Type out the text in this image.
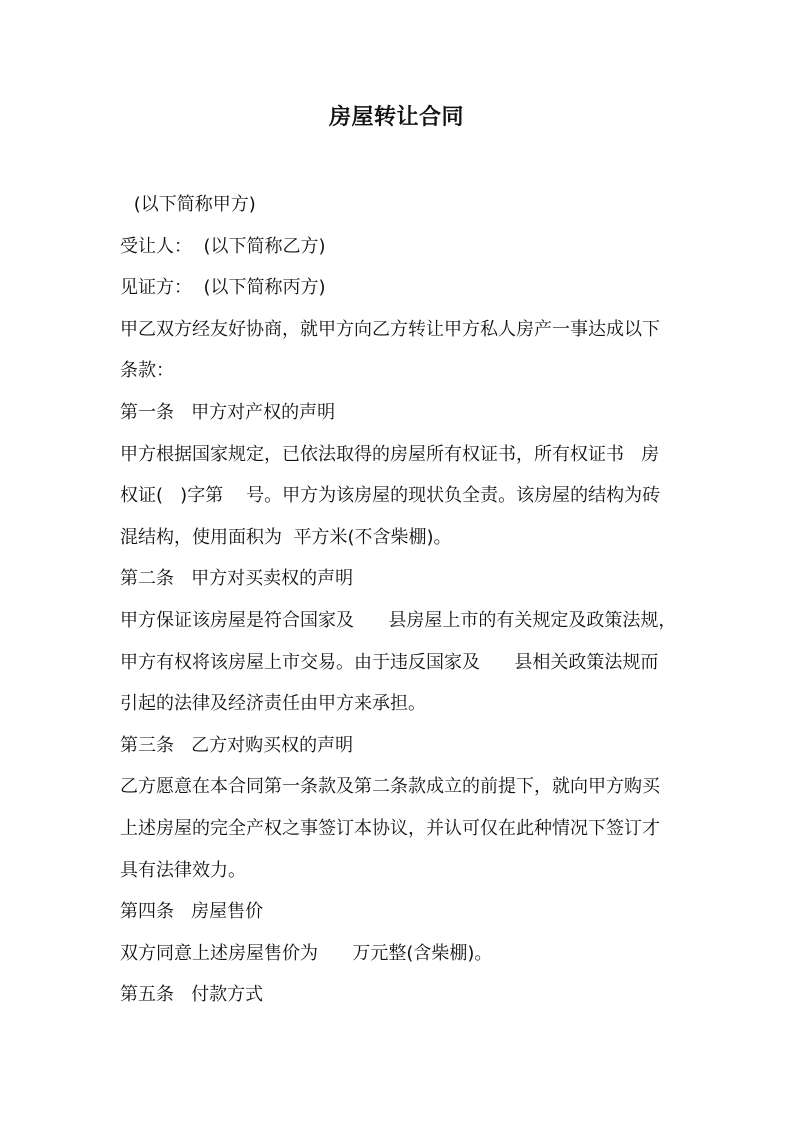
房屋转让合同

(以下简称甲方)

受让人：  (以下简称乙方)

见证方：  (以下简称丙方)

甲乙双方经友好协商，就甲方向乙方转让甲方私人房产一事达成以下

条款：

第一条   甲方对产权的声明

甲方根据国家规定，已依法取得的房屋所有权证书，所有权证书   房

权证(   )字第    号。甲方为该房屋的现状负全责。该房屋的结构为砖

混结构，使用面积为  平方米(不含柴棚)。

第二条   甲方对买卖权的声明

甲方保证该房屋是符合国家及      县房屋上市的有关规定及政策法规，

甲方有权将该房屋上市交易。由于违反国家及      县相关政策法规而

引起的法律及经济责任由甲方来承担。

第三条   乙方对购买权的声明

乙方愿意在本合同第一条款及第二条款成立的前提下，就向甲方购买

上述房屋的完全产权之事签订本协议，并认可仅在此种情况下签订才

具有法律效力。

第四条   房屋售价

双方同意上述房屋售价为      万元整(含柴棚)。

第五条   付款方式
